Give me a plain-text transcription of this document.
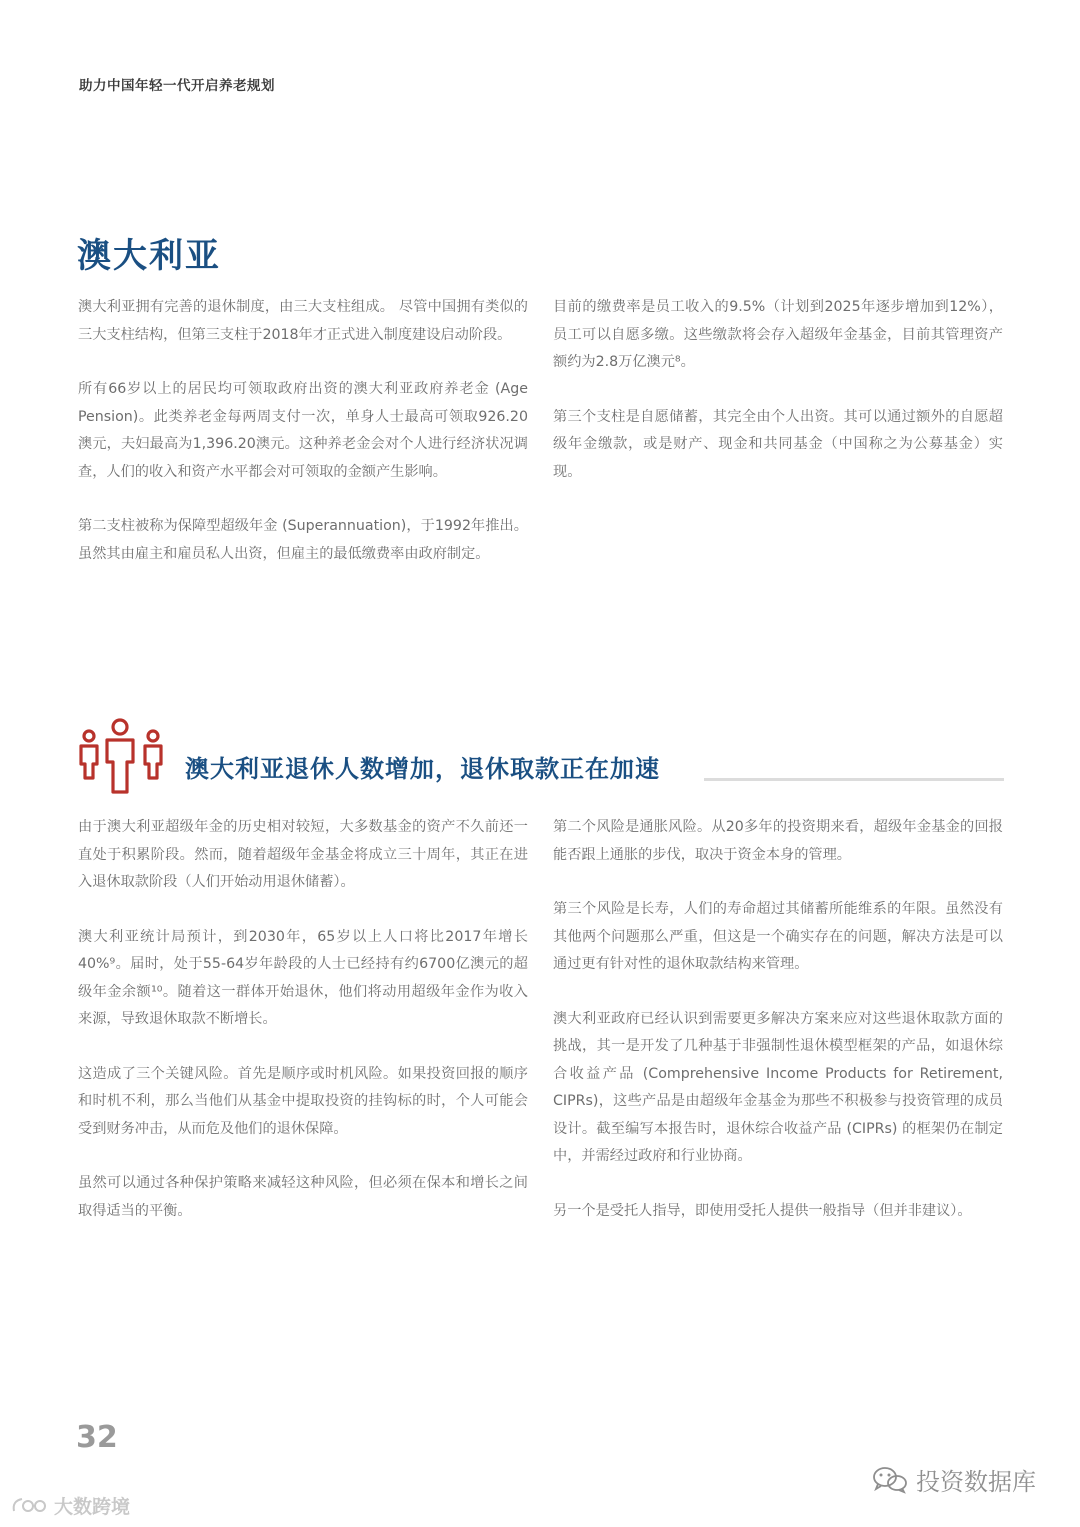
助力中国年轻一代开启养老规划
澳大利亚

澳大利亚拥有完善的退休制度，由三大支柱组成。 尽管中国拥有类似的三大支柱结构，但第三支柱于2018年才正式进入制度建设启动阶段。

所有66岁以上的居民均可领取政府出资的澳大利亚政府养老金 (Age Pension)。此类养老金每两周支付一次，单身人士最高可领取926.20澳元，夫妇最高为1,396.20澳元。这种养老金会对个人进行经济状况调查，人们的收入和资产水平都会对可领取的金额产生影响。

第二支柱被称为保障型超级年金 (Superannuation)，于1992年推出。虽然其由雇主和雇员私人出资，但雇主的最低缴费率由政府制定。

目前的缴费率是员工收入的9.5%（计划到2025年逐步增加到12%），员工可以自愿多缴。这些缴款将会存入超级年金基金，目前其管理资产额约为2.8万亿澳元⁸。

第三个支柱是自愿储蓄，其完全由个人出资。其可以通过额外的自愿超级年金缴款，或是财产、现金和共同基金（中国称之为公募基金）实现。

澳大利亚退休人数增加，退休取款正在加速

由于澳大利亚超级年金的历史相对较短，大多数基金的资产不久前还一直处于积累阶段。然而，随着超级年金基金将成立三十周年，其正在进入退休取款阶段（人们开始动用退休储蓄）。

澳大利亚统计局预计，到2030年，65岁以上人口将比2017年增长40%⁹。届时，处于55-64岁年龄段的人士已经持有约6700亿澳元的超级年金余额¹⁰。随着这一群体开始退休，他们将动用超级年金作为收入来源，导致退休取款不断增长。

这造成了三个关键风险。首先是顺序或时机风险。如果投资回报的顺序和时机不利，那么当他们从基金中提取投资的挂钩标的时，个人可能会受到财务冲击，从而危及他们的退休保障。

虽然可以通过各种保护策略来减轻这种风险，但必须在保本和增长之间取得适当的平衡。

第二个风险是通胀风险。从20多年的投资期来看，超级年金基金的回报能否跟上通胀的步伐，取决于资金本身的管理。

第三个风险是长寿，人们的寿命超过其储蓄所能维系的年限。虽然没有其他两个问题那么严重，但这是一个确实存在的问题，解决方法是可以通过更有针对性的退休取款结构来管理。

澳大利亚政府已经认识到需要更多解决方案来应对这些退休取款方面的挑战，其一是开发了几种基于非强制性退休模型框架的产品，如退休综合收益产品 (Comprehensive Income Products for Retirement, CIPRs)，这些产品是由超级年金基金为那些不积极参与投资管理的成员设计。截至编写本报告时，退休综合收益产品 (CIPRs) 的框架仍在制定中，并需经过政府和行业协商。

另一个是受托人指导，即使用受托人提供一般指导（但并非建议）。

32
投资数据库
大数跨境
